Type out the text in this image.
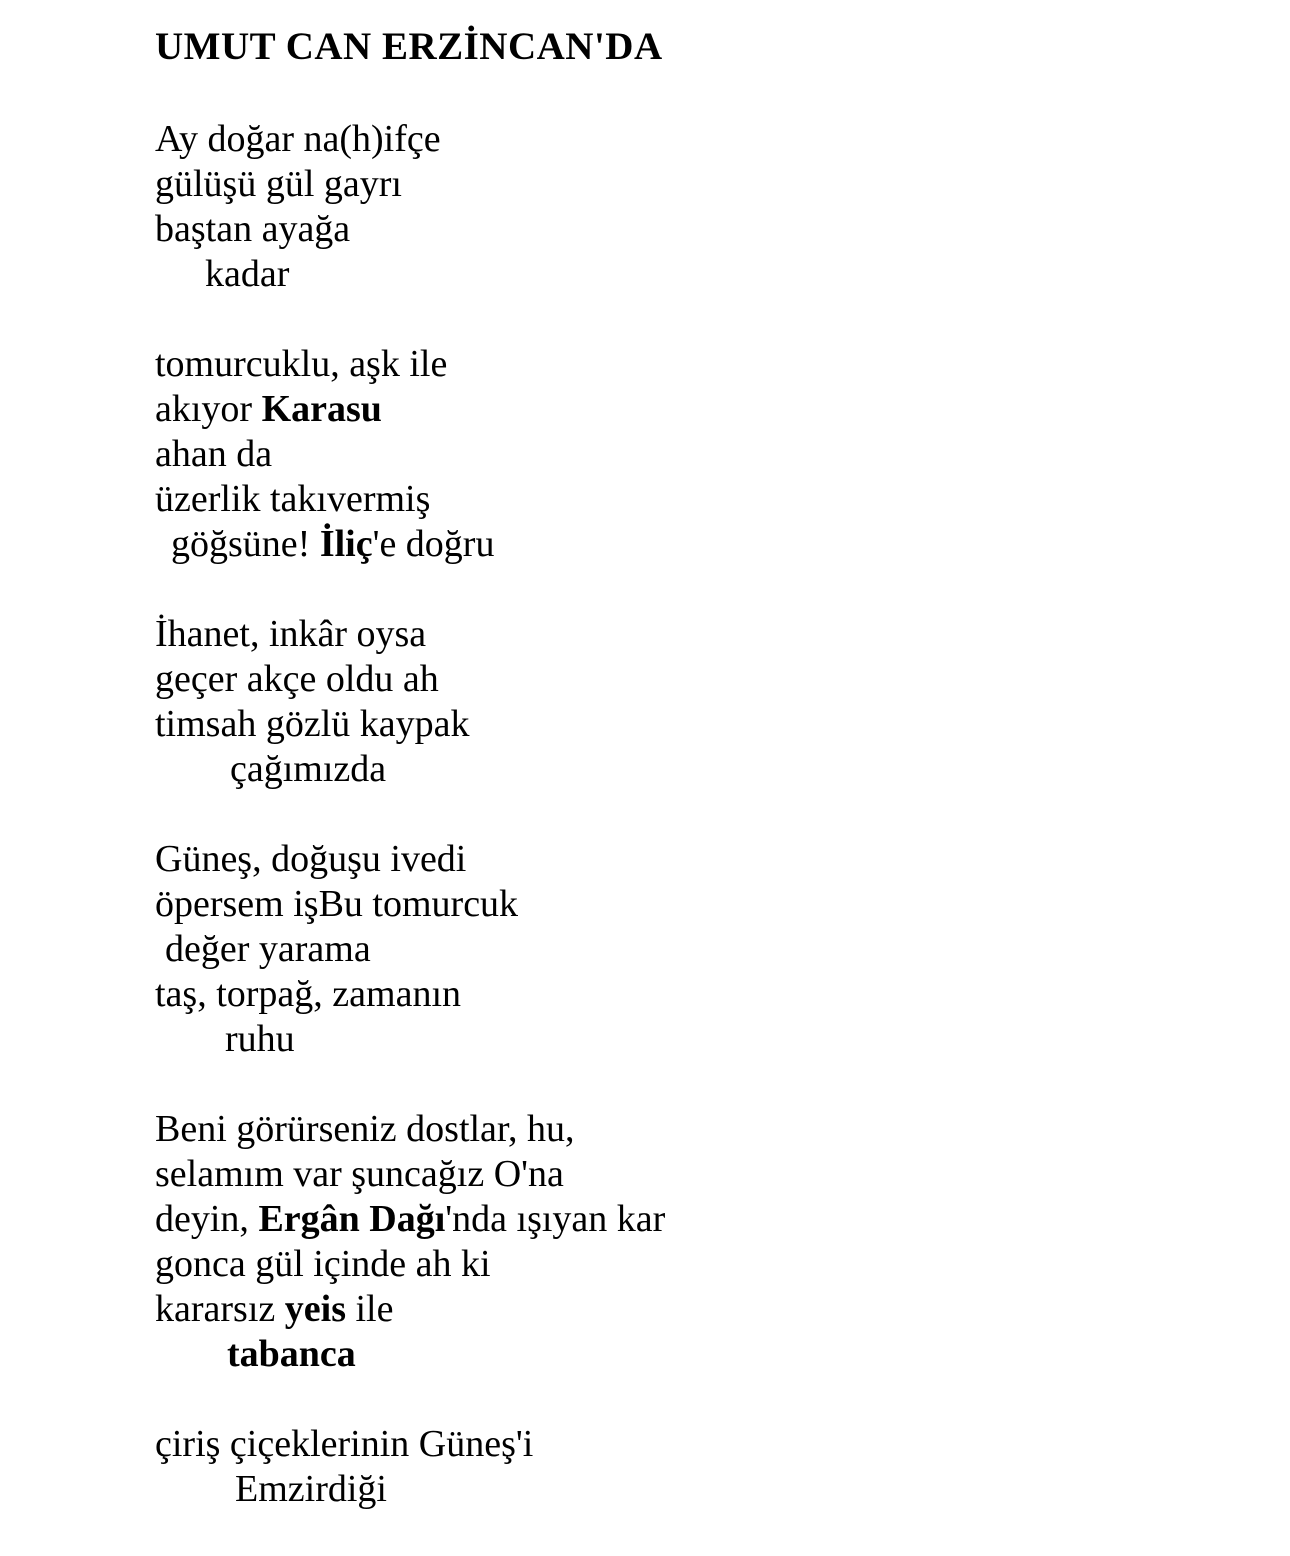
UMUT CAN ERZİNCAN'DA
Ay doğar na(h)ifçe
gülüşü gül gayrı
baştan ayağa
kadar
tomurcuklu, aşk ile
akıyor Karasu
ahan da
üzerlik takıvermiş
göğsüne! İliç'e doğru
İhanet, inkâr oysa
geçer akçe oldu ah
timsah gözlü kaypak
çağımızda
Güneş, doğuşu ivedi
öpersem işBu tomurcuk
değer yarama
taş, torpağ, zamanın
ruhu
Beni görürseniz dostlar, hu,
selamım var şuncağız O'na
deyin, Ergân Dağı'nda ışıyan kar
gonca gül içinde ah ki
kararsız yeis ile
tabanca
çiriş çiçeklerinin Güneş'i
Emzirdiği
